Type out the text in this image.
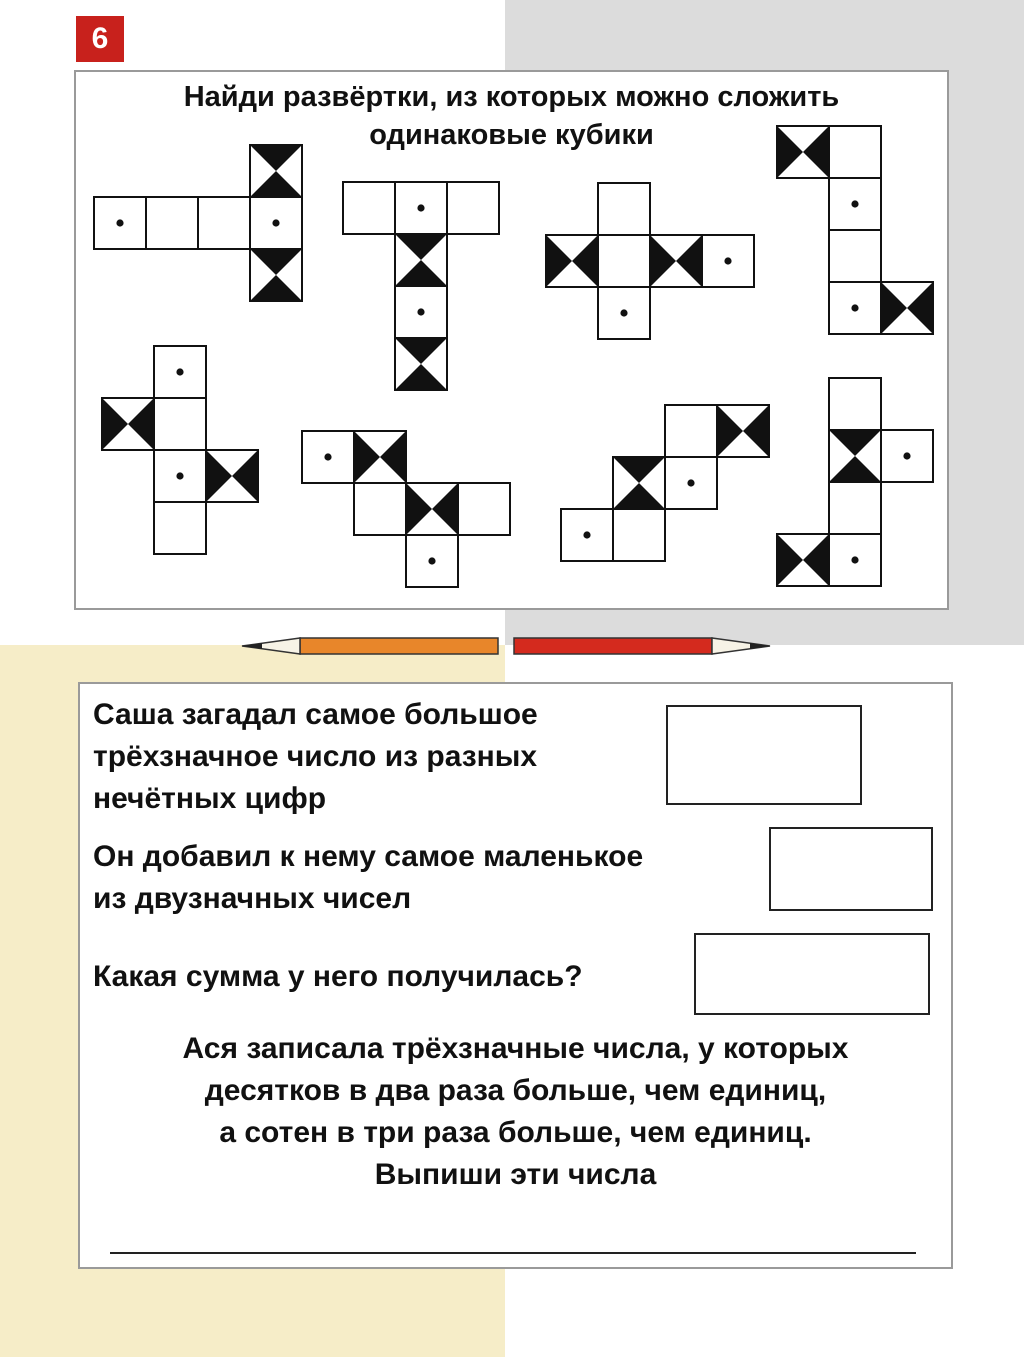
6
Найди развёртки, из которых можно сложить
одинаковые кубики
Саша загадал самое большое
трёхзначное число из разных
нечётных цифр
Он добавил к нему самое маленькое
из двузначных чисел
Какая сумма у него получилась?
Ася записала трёхзначные числа, у которых
десятков в два раза больше, чем единиц,
а сотен в три раза больше, чем единиц.
Выпиши эти числа
